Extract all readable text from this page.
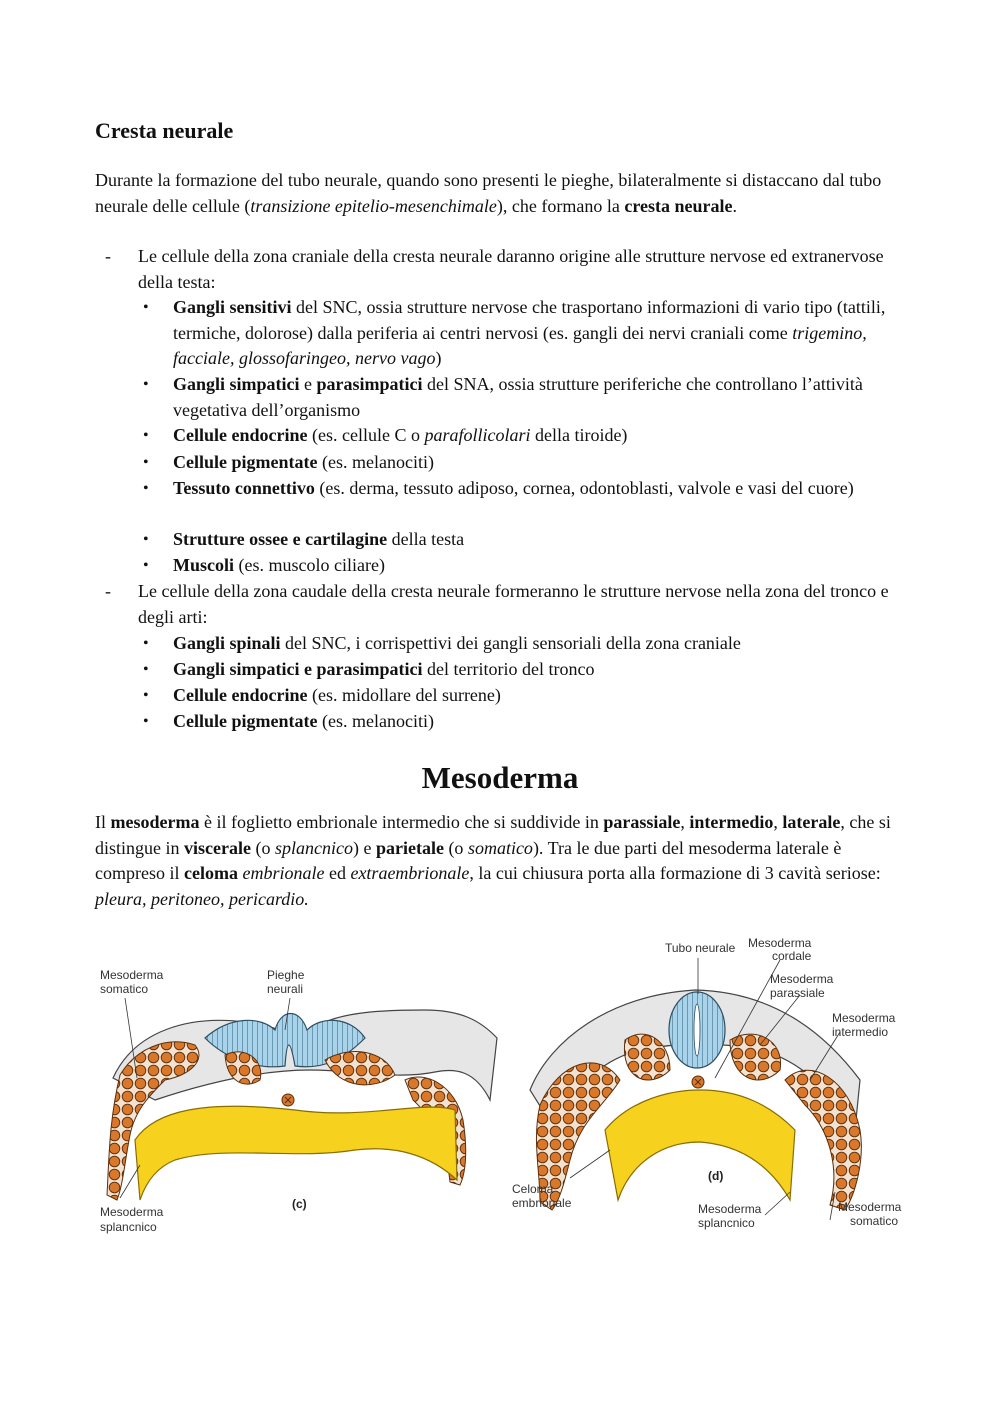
Cresta neurale

Durante la formazione del tubo neurale, quando sono presenti le pieghe, bilateralmente si distaccano dal tubo neurale delle cellule (transizione epitelio-mesenchimale), che formano la cresta neurale.

- Le cellule della zona craniale della cresta neurale daranno origine alle strutture nervose ed extranervose della testa:
• Gangli sensitivi del SNC, ossia strutture nervose che trasportano informazioni di vario tipo (tattili, termiche, dolorose) dalla periferia ai centri nervosi (es. gangli dei nervi craniali come trigemino, facciale, glossofaringeo, nervo vago)
• Gangli simpatici e parasimpatici del SNA, ossia strutture periferiche che controllano l’attività vegetativa dell’organismo
• Cellule endocrine (es. cellule C o parafollicolari della tiroide)
• Cellule pigmentate (es. melanociti)
• Tessuto connettivo (es. derma, tessuto adiposo, cornea, odontoblasti, valvole e vasi del cuore)
• Strutture ossee e cartilagine della testa
• Muscoli (es. muscolo ciliare)
- Le cellule della zona caudale della cresta neurale formeranno le strutture nervose nella zona del tronco e degli arti:
• Gangli spinali del SNC, i corrispettivi dei gangli sensoriali della zona craniale
• Gangli simpatici e parasimpatici del territorio del tronco
• Cellule endocrine (es. midollare del surrene)
• Cellule pigmentate (es. melanociti)
Mesoderma

Il mesoderma è il foglietto embrionale intermedio che si suddivide in parassiale, intermedio, laterale, che si distingue in viscerale (o splancnico) e parietale (o somatico). Tra le due parti del mesoderma laterale è compreso il celoma embrionale ed extraembrionale, la cui chiusura porta alla formazione di 3 cavità seriose: pleura, peritoneo, pericardio.

Mesoderma
somatico
Pieghe
neurali
Mesoderma
splancnico
(c)
Tubo neurale Mesoderma
cordale
Mesoderma
parassiale
Mesoderma
intermedio
Celoma
embrionale	Mesoderma
splancnico
Mesoderma
somatico
(d)
